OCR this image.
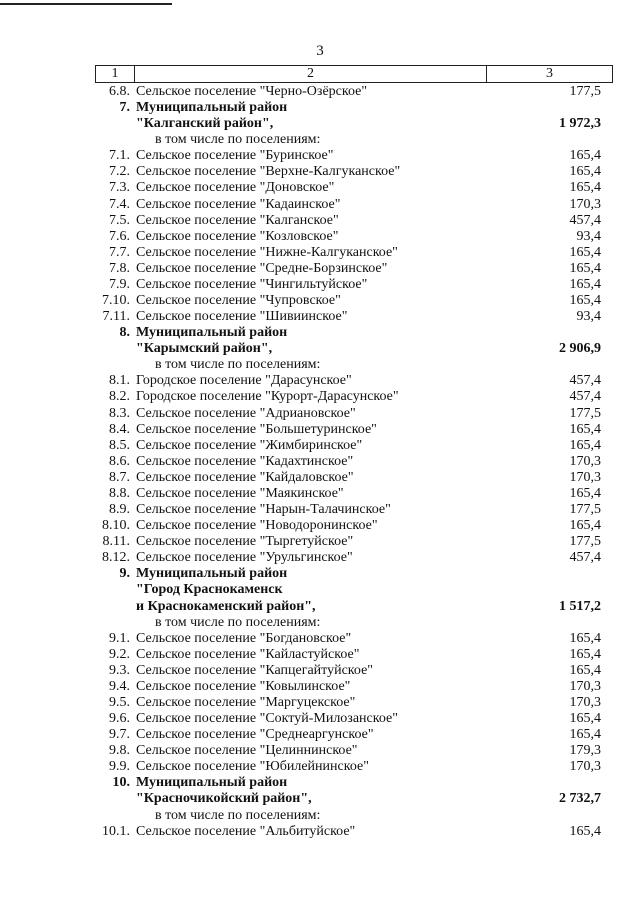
3
1	2	3
6.8. Сельское поселение "Черно-Озёрское"	177,5
7. Муниципальный район
"Калганский район",	1 972,3
в том числе по поселениям:
7.1. Сельское поселение "Буринское"	165,4
7.2. Сельское поселение "Верхне-Калгуканское"	165,4
7.3. Сельское поселение "Доновское"	165,4
7.4. Сельское поселение "Кадаинское"	170,3
7.5. Сельское поселение "Калганское"	457,4
7.6. Сельское поселение "Козловское"	93,4
7.7. Сельское поселение "Нижне-Калгуканское"	165,4
7.8. Сельское поселение "Средне-Борзинское"	165,4
7.9. Сельское поселение "Чингильтуйское"	165,4
7.10. Сельское поселение "Чупровское"	165,4
7.11. Сельское поселение "Шивиинское"	93,4
8. Муниципальный район
"Карымский район",	2 906,9
в том числе по поселениям:
8.1. Городское поселение "Дарасунское"	457,4
8.2. Городское поселение "Курорт-Дарасунское"	457,4
8.3. Сельское поселение "Адриановское"	177,5
8.4. Сельское поселение "Большетуринское"	165,4
8.5. Сельское поселение "Жимбиринское"	165,4
8.6. Сельское поселение "Кадахтинское"	170,3
8.7. Сельское поселение "Кайдаловское"	170,3
8.8. Сельское поселение "Маякинское"	165,4
8.9. Сельское поселение "Нарын-Талачинское"	177,5
8.10. Сельское поселение "Новодоронинское"	165,4
8.11. Сельское поселение "Тыргетуйское"	177,5
8.12. Сельское поселение "Урульгинское"	457,4
9. Муниципальный район
"Город Краснокаменск
и Краснокаменский район",	1 517,2
в том числе по поселениям:
9.1. Сельское поселение "Богдановское"	165,4
9.2. Сельское поселение "Кайластуйское"	165,4
9.3. Сельское поселение "Капцегайтуйское"	165,4
9.4. Сельское поселение "Ковылинское"	170,3
9.5. Сельское поселение "Маргуцекское"	170,3
9.6. Сельское поселение "Соктуй-Милозанское"	165,4
9.7. Сельское поселение "Среднеаргунское"	165,4
9.8. Сельское поселение "Целиннинское"	179,3
9.9. Сельское поселение "Юбилейнинское"	170,3
10. Муниципальный район
"Красночикойский район",	2 732,7
в том числе по поселениям:
10.1. Сельское поселение "Альбитуйское"	165,4
